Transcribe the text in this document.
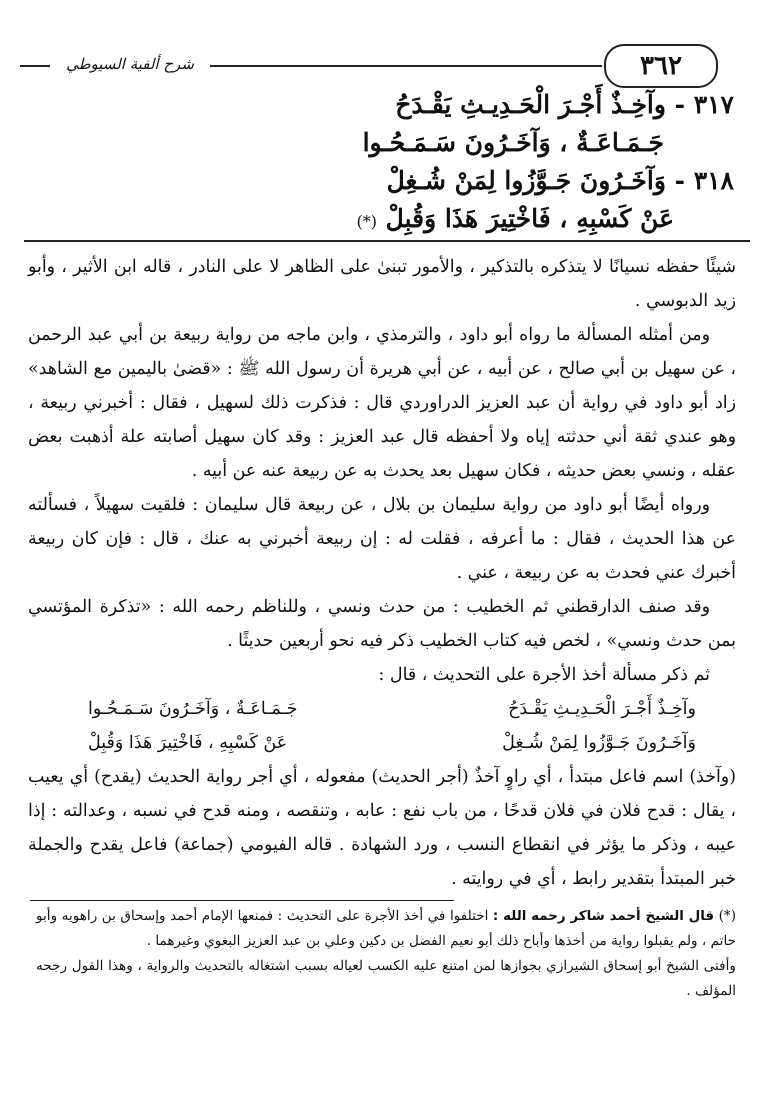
شرح ألفية السيوطي	٣٦٢
٣١٧ - وآخِـذٌ أَجْـرَ الْحَـدِيـثِ يَقْـدَحُ
جَـمَـاعَـةٌ ، وَآخَـرُونَ سَـمَـحُـوا
٣١٨ - وَآخَـرُونَ جَـوَّزُوا لِمَنْ شُـغِلْ
عَنْ كَسْبِهِ ، فَاخْتِيرَ هَذَا وَقُبِلْ (*)

شيئًا حفظه نسيانًا لا يتذكره بالتذكير ، والأمور تبنىٰ على الظاهر لا على النادر ، قاله ابن الأثير ، وأبو زيد الدبوسي .

ومن أمثله المسألة ما رواه أبو داود ، والترمذي ، وابن ماجه من رواية ربيعة بن أبي عبد الرحمن ، عن سهيل بن أبي صالح ، عن أبيه ، عن أبي هريرة أن رسول الله ﷺ : «قضىٰ باليمين مع الشاهد» زاد أبو داود في رواية أن عبد العزيز الدراوردي قال : فذكرت ذلك لسهيل ، فقال : أخبرني ربيعة ، وهو عندي ثقة أني حدثته إياه ولا أحفظه قال عبد العزيز : وقد كان سهيل أصابته علة أذهبت بعض عقله ، ونسي بعض حديثه ، فكان سهيل بعد يحدث به عن ربيعة عنه عن أبيه .

ورواه أيضًا أبو داود من رواية سليمان بن بلال ، عن ربيعة قال سليمان : فلقيت سهيلاً ، فسألته عن هذا الحديث ، فقال : ما أعرفه ، فقلت له : إن ربيعة أخبرني به عنك ، قال : فإن كان ربيعة أخبرك عني فحدث به عن ربيعة ، عني .

وقد صنف الدارقطني ثم الخطيب : من حدث ونسي ، وللناظم رحمه الله : «تذكرة المؤتسي بمن حدث ونسي» ، لخص فيه كتاب الخطيب ذكر فيه نحو أربعين حديثًا .

ثم ذكر مسألة أخذ الأجرة على التحديث ، قال :

وآخِـذٌ أَجْـرَ الْحَـدِيـثِ يَقْـدَحُ
جَـمَـاعَـةٌ ، وَآخَـرُونَ سَـمَـحُـوا
وَآخَـرُونَ جَـوَّزُوا لِمَنْ شُـغِلْ
عَنْ كَسْبِهِ ، فَاخْتِيرَ هَذَا وَقُبِلْ

(وآخذ) اسم فاعل مبتدأ ، أي راوٍ آخذٌ (أجر الحديث) مفعوله ، أي أجر رواية الحديث (يقدح) أي يعيب ، يقال : قدح فلان في فلان قدحًا ، من باب نفع : عابه ، وتنقصه ، ومنه قدح في نسبه ، وعدالته : إذا عيبه ، وذكر ما يؤثر في انقطاع النسب ، ورد الشهادة . قاله الفيومي (جماعة) فاعل يقدح والجملة خبر المبتدأ بتقدير رابط ، أي في روايته .

(*) قال الشيخ أحمد شاكر رحمه الله : اختلفوا في أخذ الأجرة على التحديث : فمنعها الإمام أحمد وإسحاق بن راهويه وأبو حاتم ، ولم يقبلوا رواية من أخذها وأباح ذلك أبو نعيم الفضل بن دكين وعلي بن عبد العزيز البغوي وغيرهما .

وأفتى الشيخ أبو إسحاق الشيرازي بجوازها لمن امتنع عليه الكسب لعياله بسبب اشتغاله بالتحديث والرواية ، وهذا القول رجحه المؤلف .
